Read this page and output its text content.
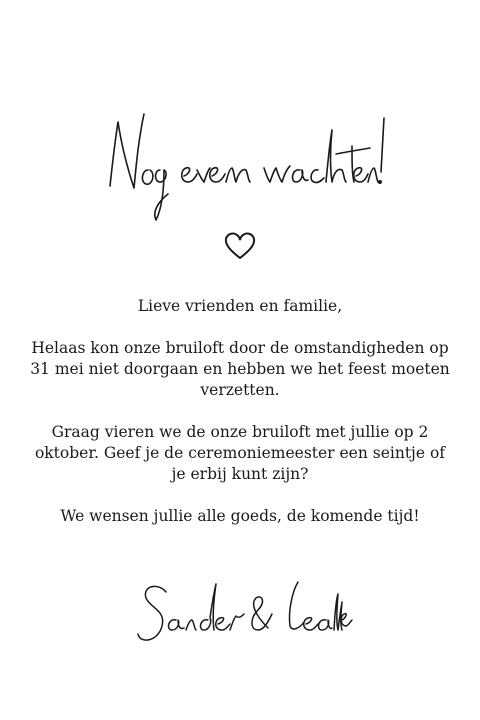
Lieve vrienden en familie,

Helaas kon onze bruiloft door de omstandigheden op 31 mei niet doorgaan en hebben we het feest moeten verzetten.

Graag vieren we de onze bruiloft met jullie op 2 oktober. Geef je de ceremoniemeester een seintje of je erbij kunt zijn?

We wensen jullie alle goeds, de komende tijd!
